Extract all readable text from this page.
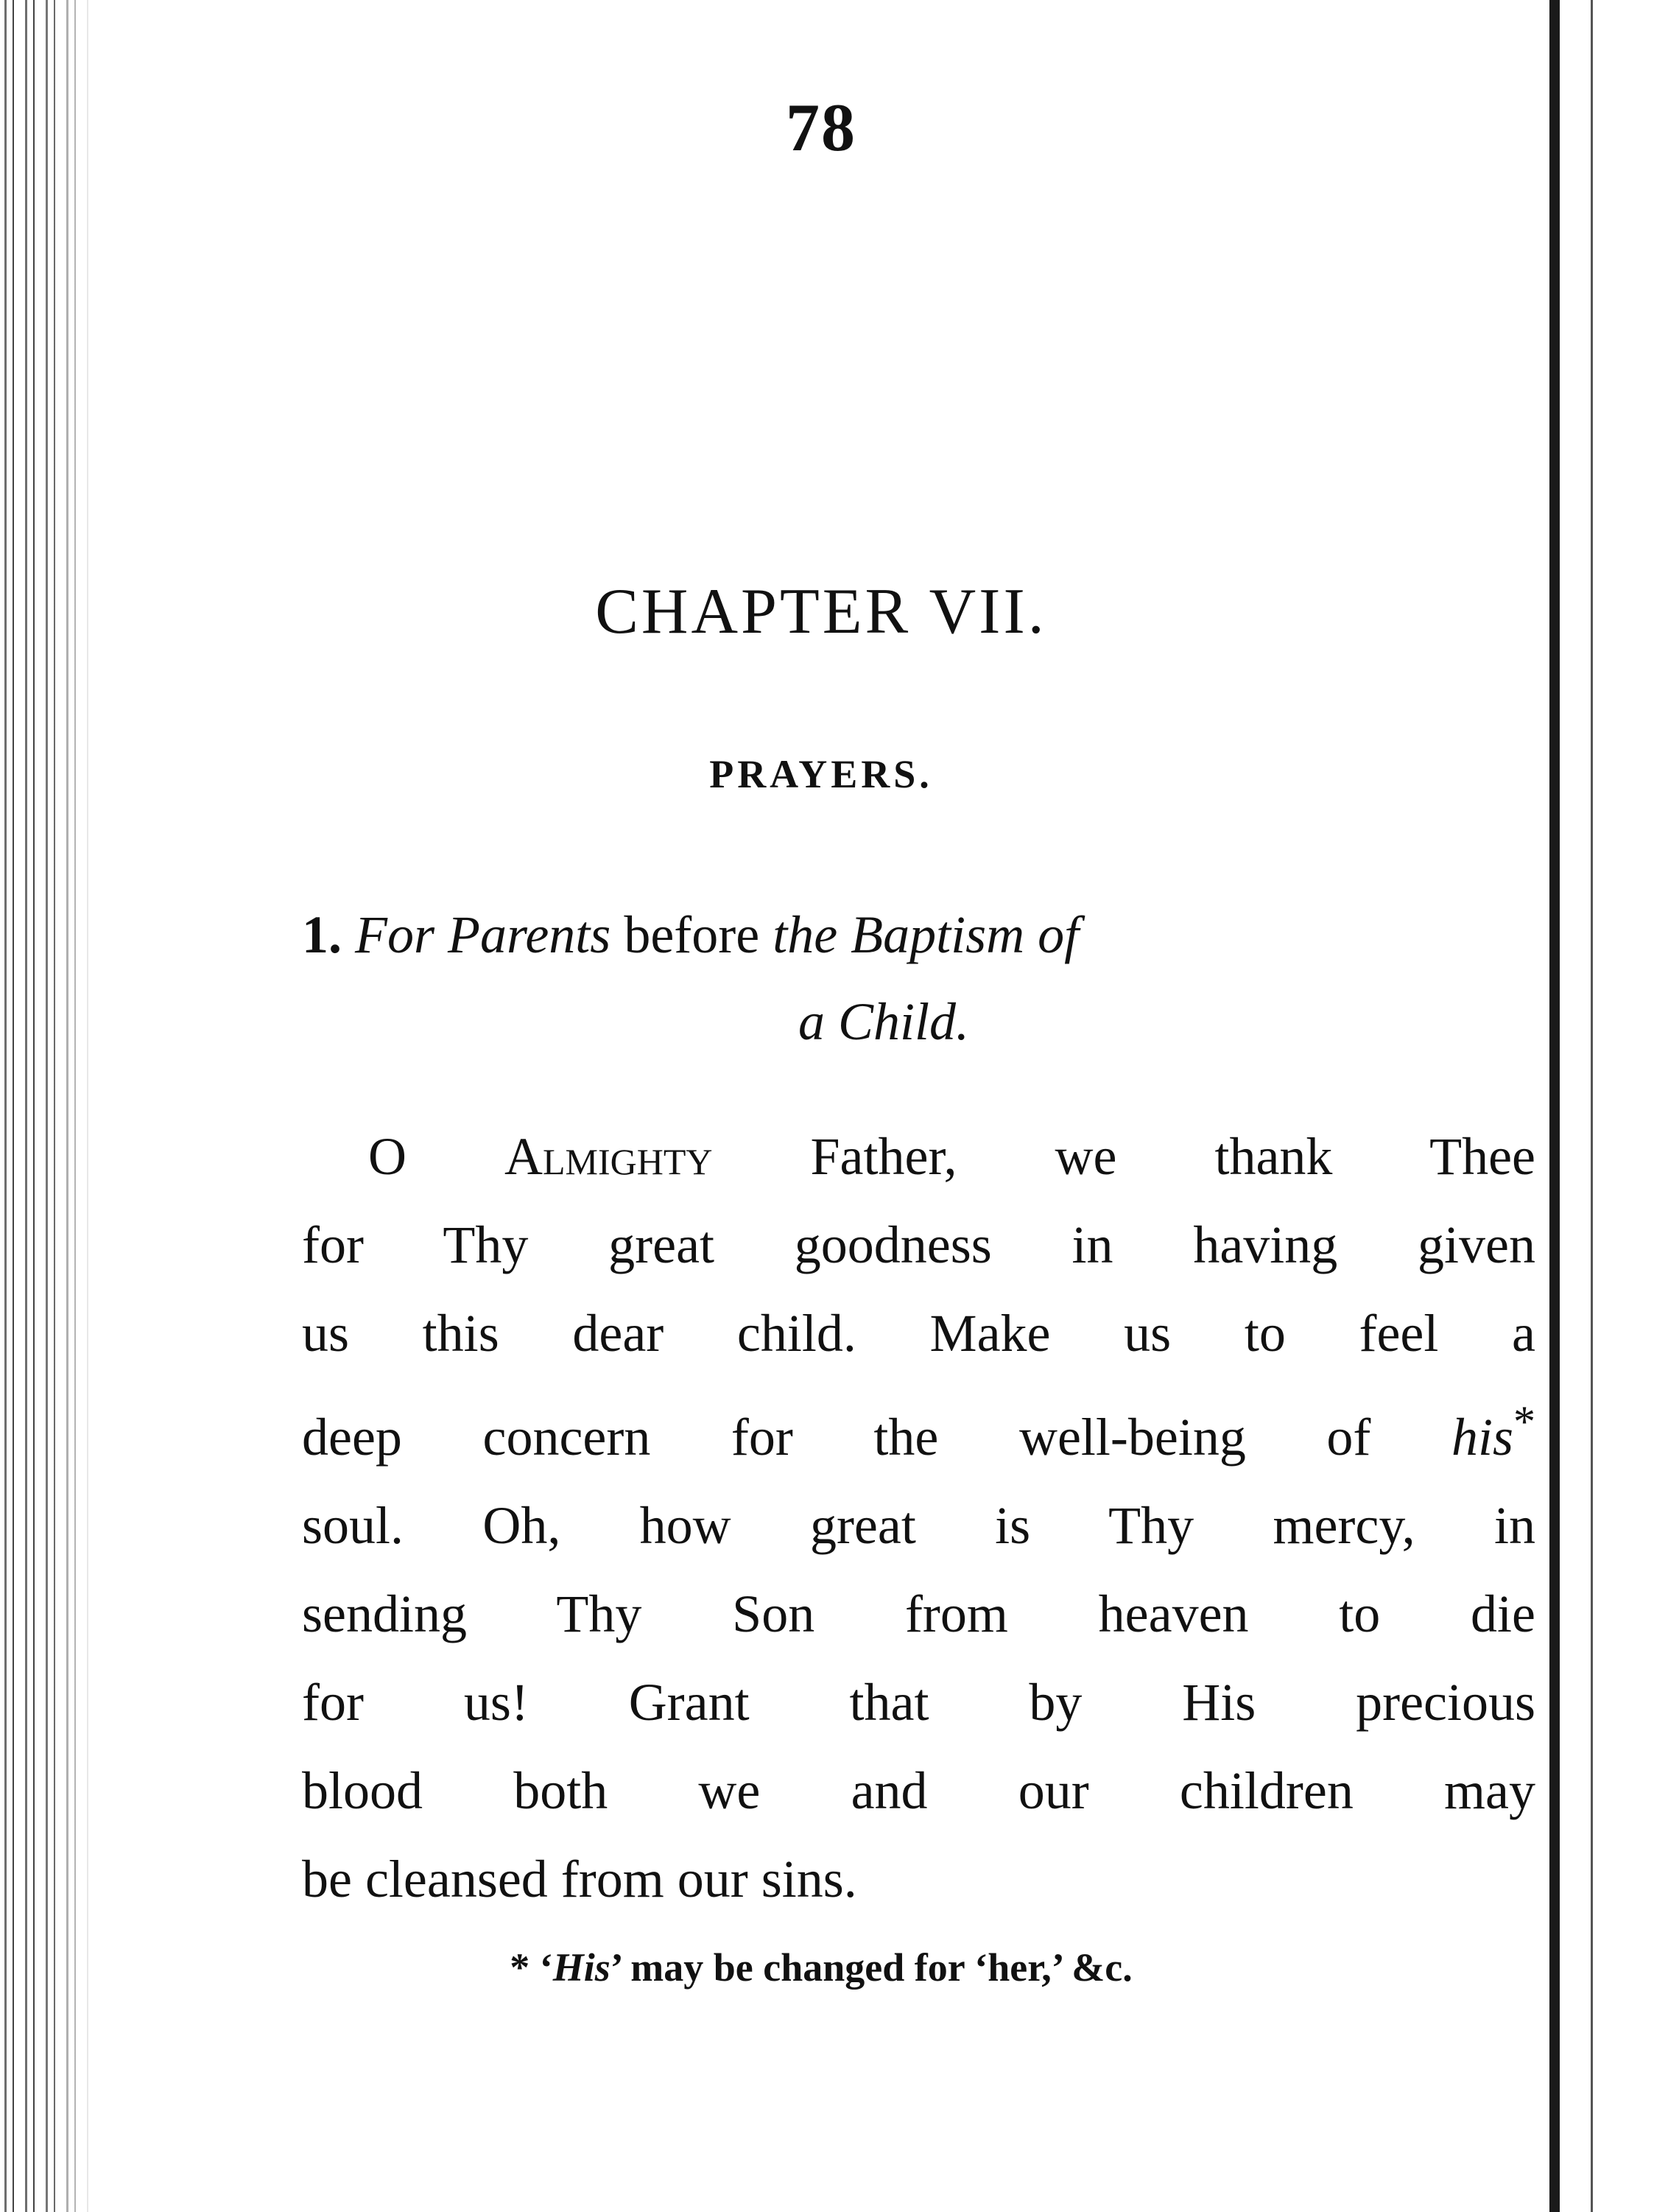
78
CHAPTER VII.
PRAYERS.
1. For Parents before the Baptism of
a Child.
O Almighty Father, we thank Thee
for Thy great goodness in having given
us this dear child. Make us to feel a
deep concern for the well-being of his*
soul. Oh, how great is Thy mercy, in
sending Thy Son from heaven to die
for us! Grant that by His precious
blood both we and our children may
be cleansed from our sins.
* ‘His’ may be changed for ‘her,’ &c.
